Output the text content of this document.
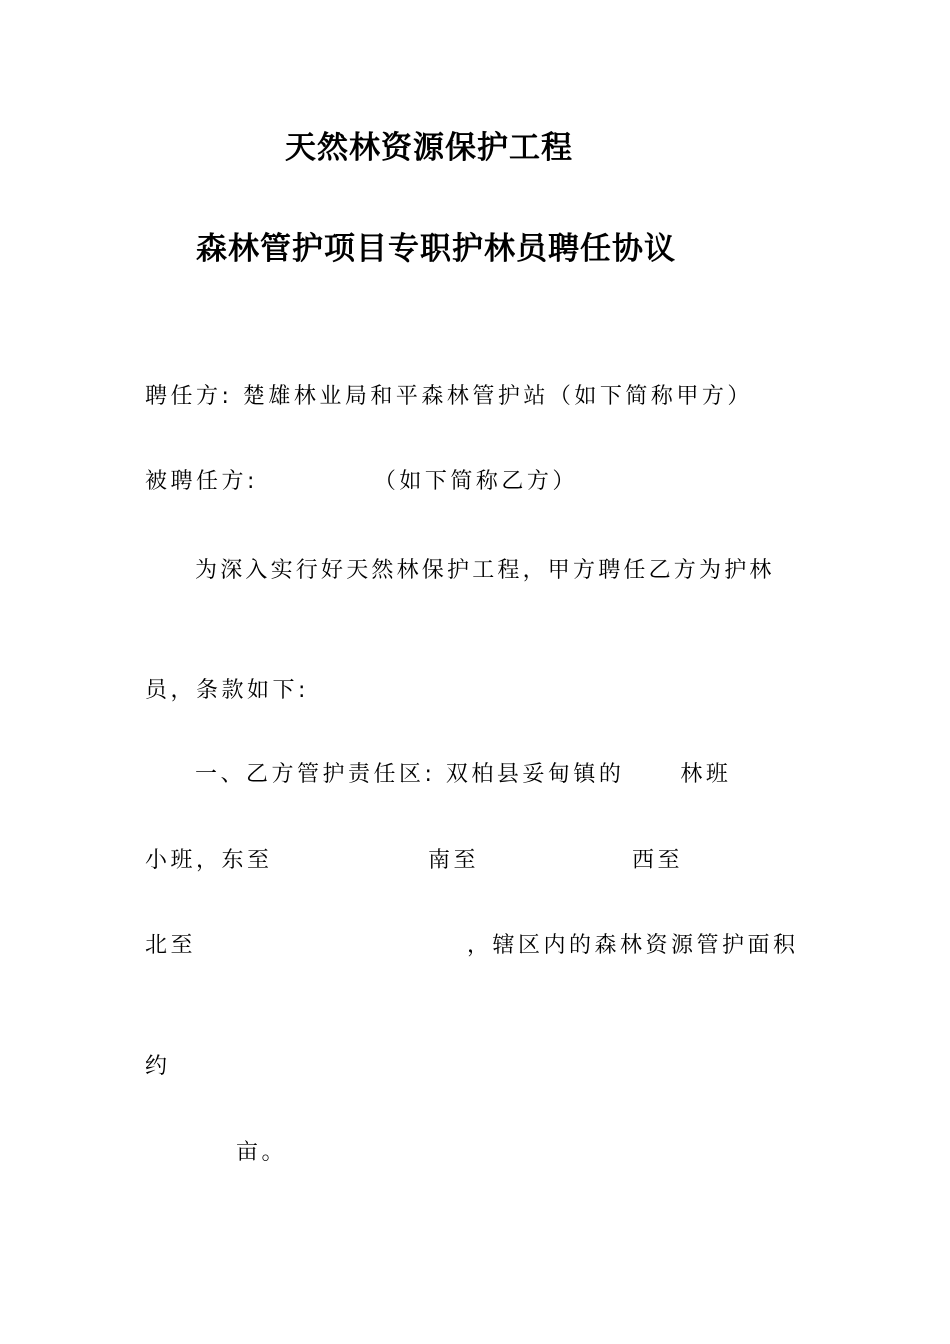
天然林资源保护工程
森林管护项目专职护林员聘任协议
聘任方: 楚雄林业局和平森林管护站（如下简称甲方）
被聘任方:	（如下简称乙方）
为深入实行好天然林保护工程，甲方聘任乙方为护林
员，条款如下:
一、乙方管护责任区: 双柏县妥甸镇的	林班
小班，东至	南至	西至
北至	，辖区内的森林资源管护面积
约
亩。
